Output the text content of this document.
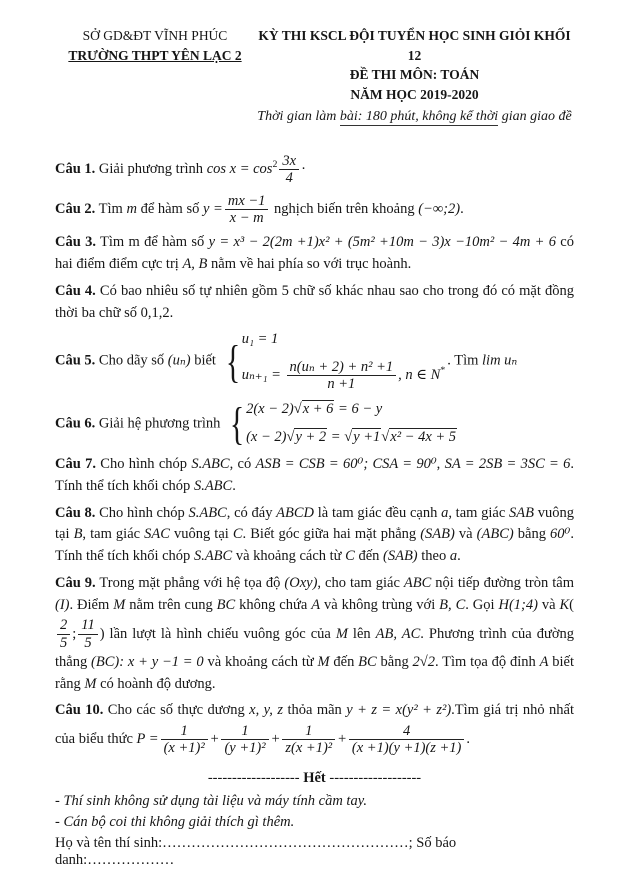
SỞ GD&ĐT VĨNH PHÚC
TRƯỜNG THPT YÊN LẠC 2
KỲ THI KSCL ĐỘI TUYỂN HỌC SINH GIỎI KHỐI 12
ĐỀ THI MÔN: TOÁN
NĂM HỌC 2019-2020
Thời gian làm bài: 180 phút, không kể thời gian giao đề

Câu 1. Giải phương trình $\cos x = \cos^2 \frac{3x}{4}$ ·

Câu 2. Tìm m để hàm số $y = \frac{mx -1}{x - m}$ nghịch biến trên khoảng (−∞;2).

Câu 3. Tìm m để hàm số y = x³ − 2(2m +1)x² + (5m² +10m − 3)x −10m² − 4m + 6 có hai điểm điểm cực trị A, B nằm về hai phía so với trục hoành.

Câu 4. Có bao nhiêu số tự nhiên gồm 5 chữ số khác nhau sao cho trong đó có mặt đồng thời ba chữ số 0,1,2.

Câu 5. Cho dãy số (uₙ) biết { u₁ = 1
$u_{n+1} = \frac{\text{n(uₙ + 2) + n² +1}}{n +1}$ , n ∈ N*
. Tìm lim uₙ

Câu 6. Giải hệ phương trình { 2(x − 2)√x + 6 = 6 − y
(x − 2)√y + 2 = √y +1√x² − 4x + 5

Câu 7. Cho hình chóp S.ABC, có ASB = CSB = 60⁰; CSA = 90⁰, SA = 2SB = 3SC = 6. Tính thể tích khối chóp S.ABC.

Câu 8. Cho hình chóp S.ABC, có đáy ABCD là tam giác đều cạnh a, tam giác SAB vuông tại B, tam giác SAC vuông tại C. Biết góc giữa hai mặt phẳng (SAB) và (ABC) bằng 60⁰. Tính thể tích khối chóp S.ABC và khoảng cách từ C đến (SAB) theo a.

Câu 9. Trong mặt phẳng với hệ tọa độ (Oxy), cho tam giác ABC nội tiếp đường tròn tâm (I). Điểm M nằm trên cung BC không chứa A và không trùng với B, C. Gọi H(1;4) và K(
$\frac{2}{5}$ ; $\frac{11}{5}$ ) lần lượt là hình chiếu vuông góc của M lên AB, AC. Phương trình của đường thẳng (BC): x + y −1 = 0 và khoảng cách từ M đến BC bằng 2√2. Tìm tọa độ đỉnh A biết rằng M có hoành độ dương.

Câu 10. Cho các số thực dương x, y, z thỏa mãn y + z = x(y² + z²).Tìm giá trị nhỏ nhất của biểu thức $P = \frac{1}{\text{(x +1)²}} + \frac{1}{\text{(y +1)²}} + \frac{1}{\text{z(x +1)²}} + \frac{4}{(x +1)(y +1)(z +1)}$ .

------------------- Hết -------------------

- Thí sinh không sử dụng tài liệu và máy tính cầm tay.

- Cán bộ coi thi không giải thích gì thêm.

Họ và tên thí sinh:……………………………………………; Số báo danh:………………
